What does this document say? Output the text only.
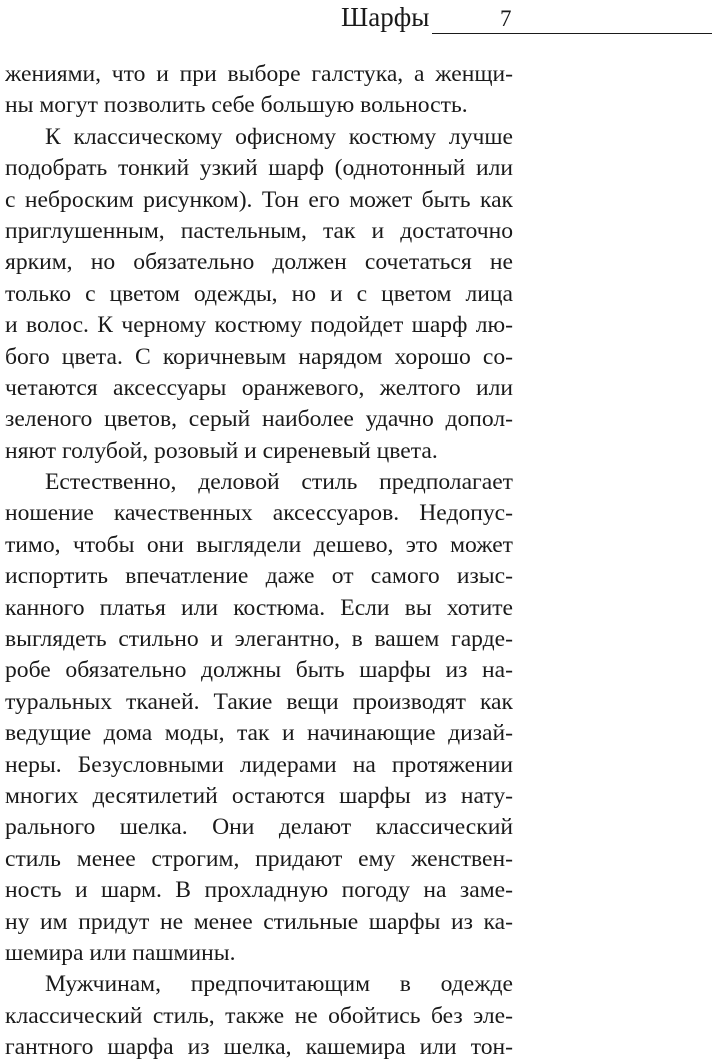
Шарфы	7
жениями, что и при выборе галстука, а женщи-
ны могут позволить себе большую вольность.
К классическому офисному костюму лучше
подобрать тонкий узкий шарф (однотонный или
с неброским рисунком). Тон его может быть как
приглушенным, пастельным, так и достаточно
ярким, но обязательно должен сочетаться не
только с цветом одежды, но и с цветом лица
и волос. К черному костюму подойдет шарф лю-
бого цвета. С коричневым нарядом хорошо со-
четаются аксессуары оранжевого, желтого или
зеленого цветов, серый наиболее удачно допол-
няют голубой, розовый и сиреневый цвета.
Естественно, деловой стиль предполагает
ношение качественных аксессуаров. Недопус-
тимо, чтобы они выглядели дешево, это может
испортить впечатление даже от самого изыс-
канного платья или костюма. Если вы хотите
выглядеть стильно и элегантно, в вашем гарде-
робе обязательно должны быть шарфы из на-
туральных тканей. Такие вещи производят как
ведущие дома моды, так и начинающие дизай-
неры. Безусловными лидерами на протяжении
многих десятилетий остаются шарфы из нату-
рального шелка. Они делают классический
стиль менее строгим, придают ему женствен-
ность и шарм. В прохладную погоду на заме-
ну им придут не менее стильные шарфы из ка-
шемира или пашмины.
Мужчинам, предпочитающим в одежде
классический стиль, также не обойтись без эле-
гантного шарфа из шелка, кашемира или тон-
